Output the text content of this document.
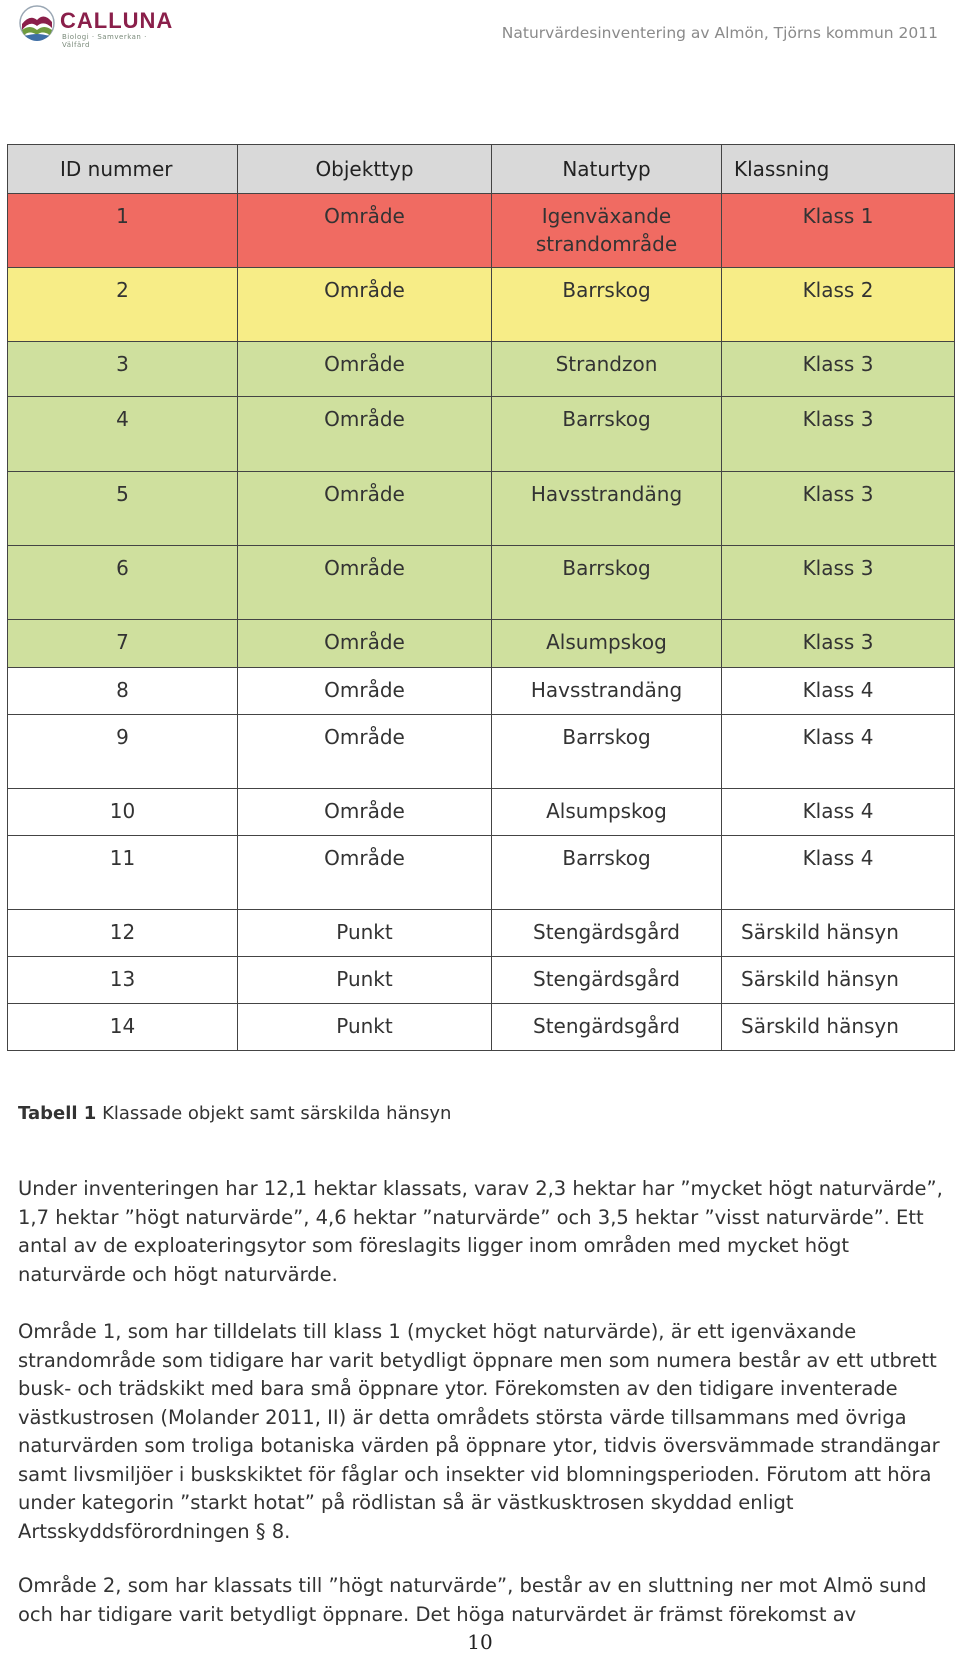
CALLUNA
Biologi · Samverkan · Välfärd
Naturvärdesinventering av Almön, Tjörns kommun 2011
ID nummer	Objekttyp	Naturtyp	Klassning
1	Område	Igenväxande strandområde	Klass 1
2	Område	Barrskog	Klass 2
3	Område	Strandzon	Klass 3
4	Område	Barrskog	Klass 3
5	Område	Havsstrandäng	Klass 3
6	Område	Barrskog	Klass 3
7	Område	Alsumpskog	Klass 3
8	Område	Havsstrandäng	Klass 4
9	Område	Barrskog	Klass 4
10	Område	Alsumpskog	Klass 4
11	Område	Barrskog	Klass 4
12	Punkt	Stengärdsgård	Särskild hänsyn
13	Punkt	Stengärdsgård	Särskild hänsyn
14	Punkt	Stengärdsgård	Särskild hänsyn
Tabell 1 Klassade objekt samt särskilda hänsyn

Under inventeringen har 12,1 hektar klassats, varav 2,3 hektar har ”mycket högt naturvärde”, 1,7 hektar ”högt naturvärde”, 4,6 hektar ”naturvärde” och 3,5 hektar ”visst naturvärde”. Ett antal av de exploateringsytor som föreslagits ligger inom områden med mycket högt naturvärde och högt naturvärde.

Område 1, som har tilldelats till klass 1 (mycket högt naturvärde), är ett igenväxande strandområde som tidigare har varit betydligt öppnare men som numera består av ett utbrett busk- och trädskikt med bara små öppnare ytor. Förekomsten av den tidigare inventerade västkustrosen (Molander 2011, II) är detta områdets största värde tillsammans med övriga naturvärden som troliga botaniska värden på öppnare ytor, tidvis översvämmade strandängar samt livsmiljöer i buskskiktet för fåglar och insekter vid blomningsperioden. Förutom att höra under kategorin ”starkt hotat” på rödlistan så är västkusktrosen skyddad enligt Artsskyddsförordningen § 8.

Område 2, som har klassats till ”högt naturvärde”, består av en sluttning ner mot Almö sund och har tidigare varit betydligt öppnare. Det höga naturvärdet är främst förekomst av

10
